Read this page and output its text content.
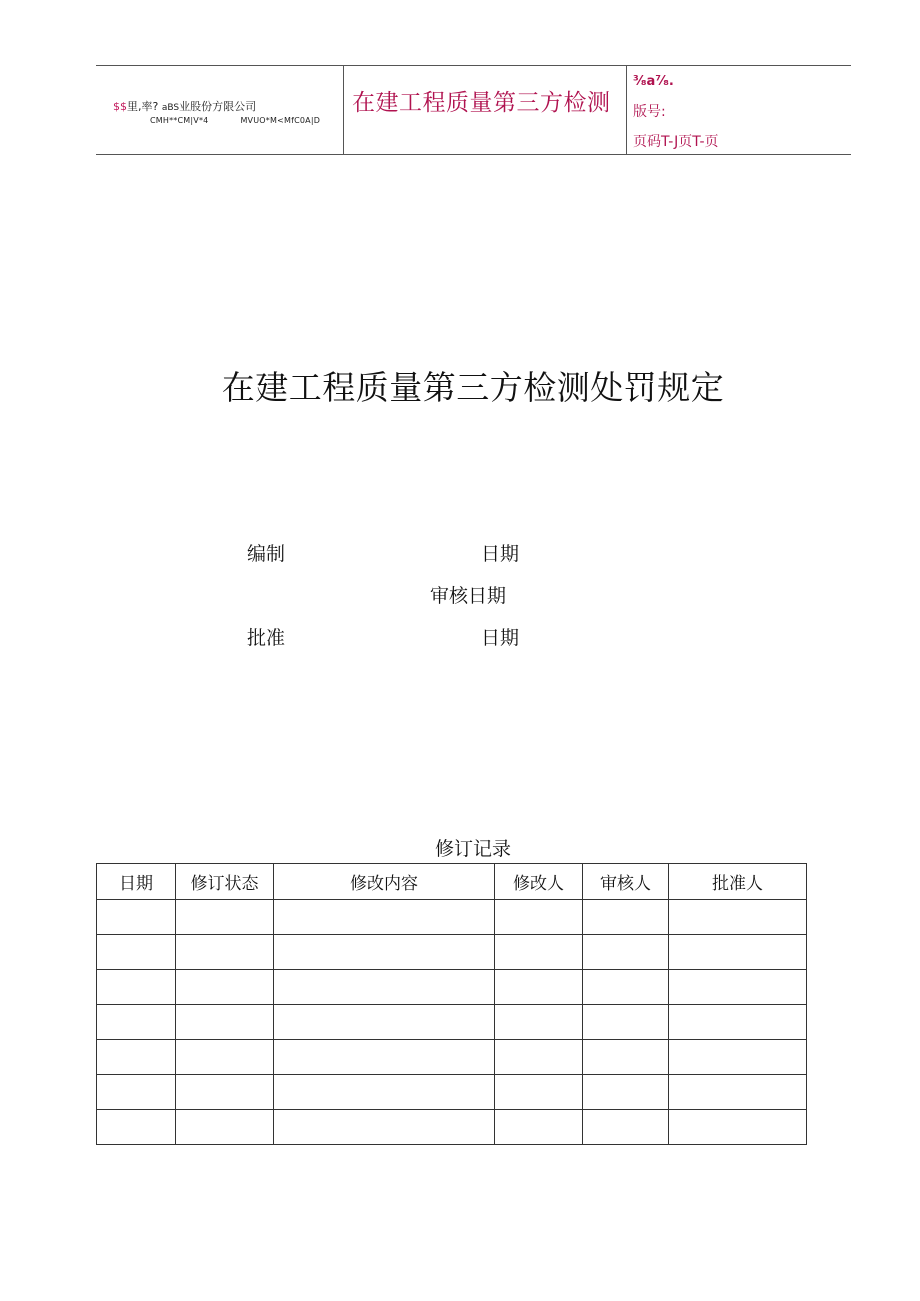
$$里,率? aBS业股份方限公司
CMH**CM|V*4	MVUO*M<MfC0A|D
在建工程质量第三方检测
³⁄₈a⁷⁄₈.
版号:
页码T-J页T-页
在建工程质量第三方检测处罚规定
编制	日期
审核日期
批准	日期
修订记录
日期	修订状态	修改内容	修改人	审核人	批准人
